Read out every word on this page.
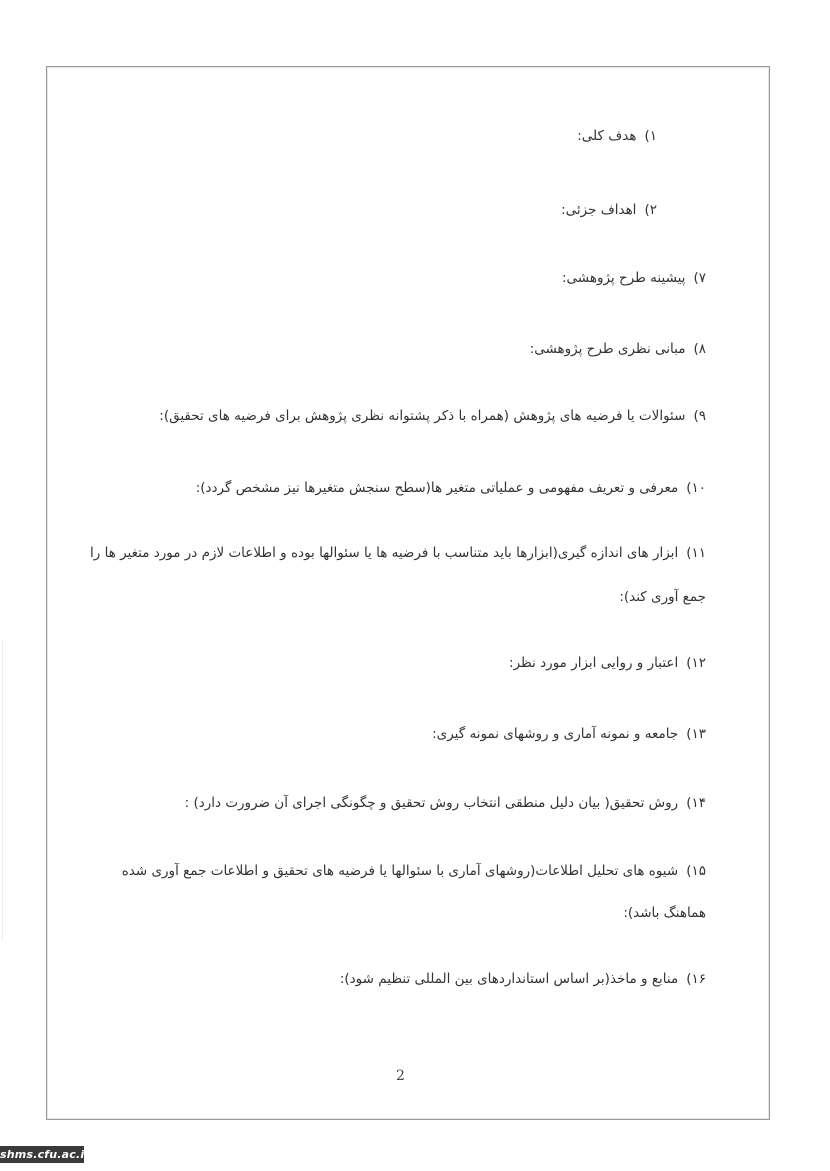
۱)هدف کلی:
۲)اهداف جزئی:
۷)پیشینه طرح پژوهشی:
۸)مبانی نظری طرح پژوهشی:
۹)سئوالات یا فرضیه های پژوهش (همراه با ذکر پشتوانه نظری پژوهش برای فرضیه های تحقیق):
۱۰)معرفی و تعریف مفهومی و عملیاتی متغیر ها(سطح سنجش متغیرها نیز مشخص گردد):
۱۱)ابزار های اندازه گیری(ابزارها باید متناسب با فرضیه ها یا سئوالها بوده و اطلاعات لازم در مورد متغیر ها را
جمع آوری کند):
۱۲)اعتبار و روایی ابزار مورد نظر:
۱۳)جامعه و نمونه آماری و روشهای نمونه گیری:
۱۴)روش تحقیق( بیان دلیل منطقی انتخاب روش تحقیق و چگونگی اجرای آن ضرورت دارد) :
۱۵)شیوه های تحلیل اطلاعات(روشهای آماری با سئوالها یا فرضیه های تحقیق و اطلاعات جمع آوری شده
هماهنگ باشد):
۱۶)منابع و ماخذ(بر اساس استانداردهای بین المللی تنظیم شود):
2
shms.cfu.ac.ir
